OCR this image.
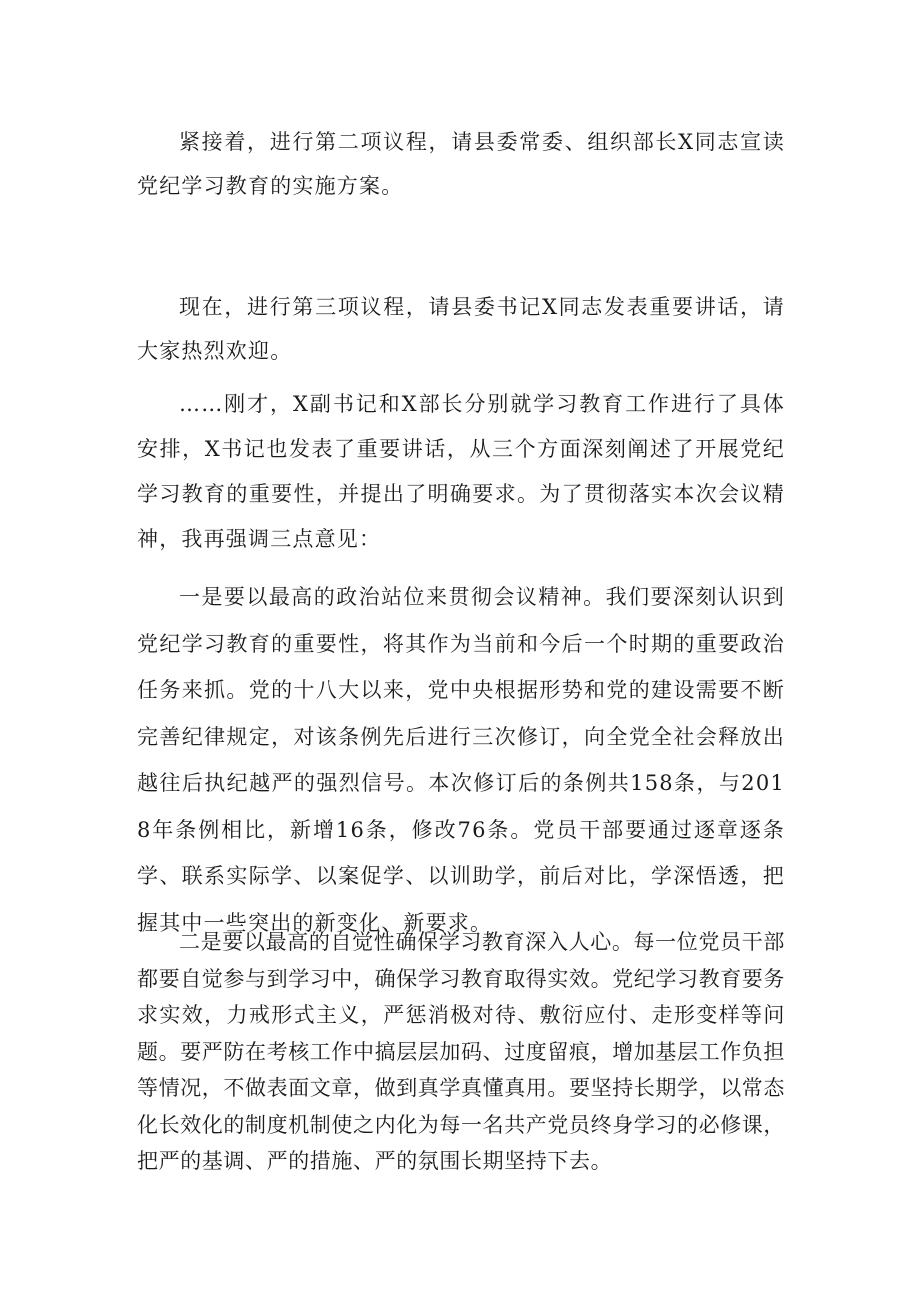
紧接着，进行第二项议程，请县委常委、组织部长X同志宣读党纪学习教育的实施方案。

现在，进行第三项议程，请县委书记X同志发表重要讲话，请大家热烈欢迎。

……刚才，X副书记和X部长分别就学习教育工作进行了具体安排，X书记也发表了重要讲话，从三个方面深刻阐述了开展党纪学习教育的重要性，并提出了明确要求。为了贯彻落实本次会议精神，我再强调三点意见：

一是要以最高的政治站位来贯彻会议精神。我们要深刻认识到党纪学习教育的重要性，将其作为当前和今后一个时期的重要政治任务来抓。党的十八大以来，党中央根据形势和党的建设需要不断完善纪律规定，对该条例先后进行三次修订，向全党全社会释放出越往后执纪越严的强烈信号。本次修订后的条例共158条，与2018年条例相比，新增16条，修改76条。党员干部要通过逐章逐条学、联系实际学、以案促学、以训助学，前后对比，学深悟透，把握其中一些突出的新变化、新要求。

二是要以最高的自觉性确保学习教育深入人心。每一位党员干部都要自觉参与到学习中，确保学习教育取得实效。党纪学习教育要务求实效，力戒形式主义，严惩消极对待、敷衍应付、走形变样等问题。要严防在考核工作中搞层层加码、过度留痕，增加基层工作负担等情况，不做表面文章，做到真学真懂真用。要坚持长期学，以常态化长效化的制度机制使之内化为每一名共产党员终身学习的必修课，把严的基调、严的措施、严的氛围长期坚持下去。
